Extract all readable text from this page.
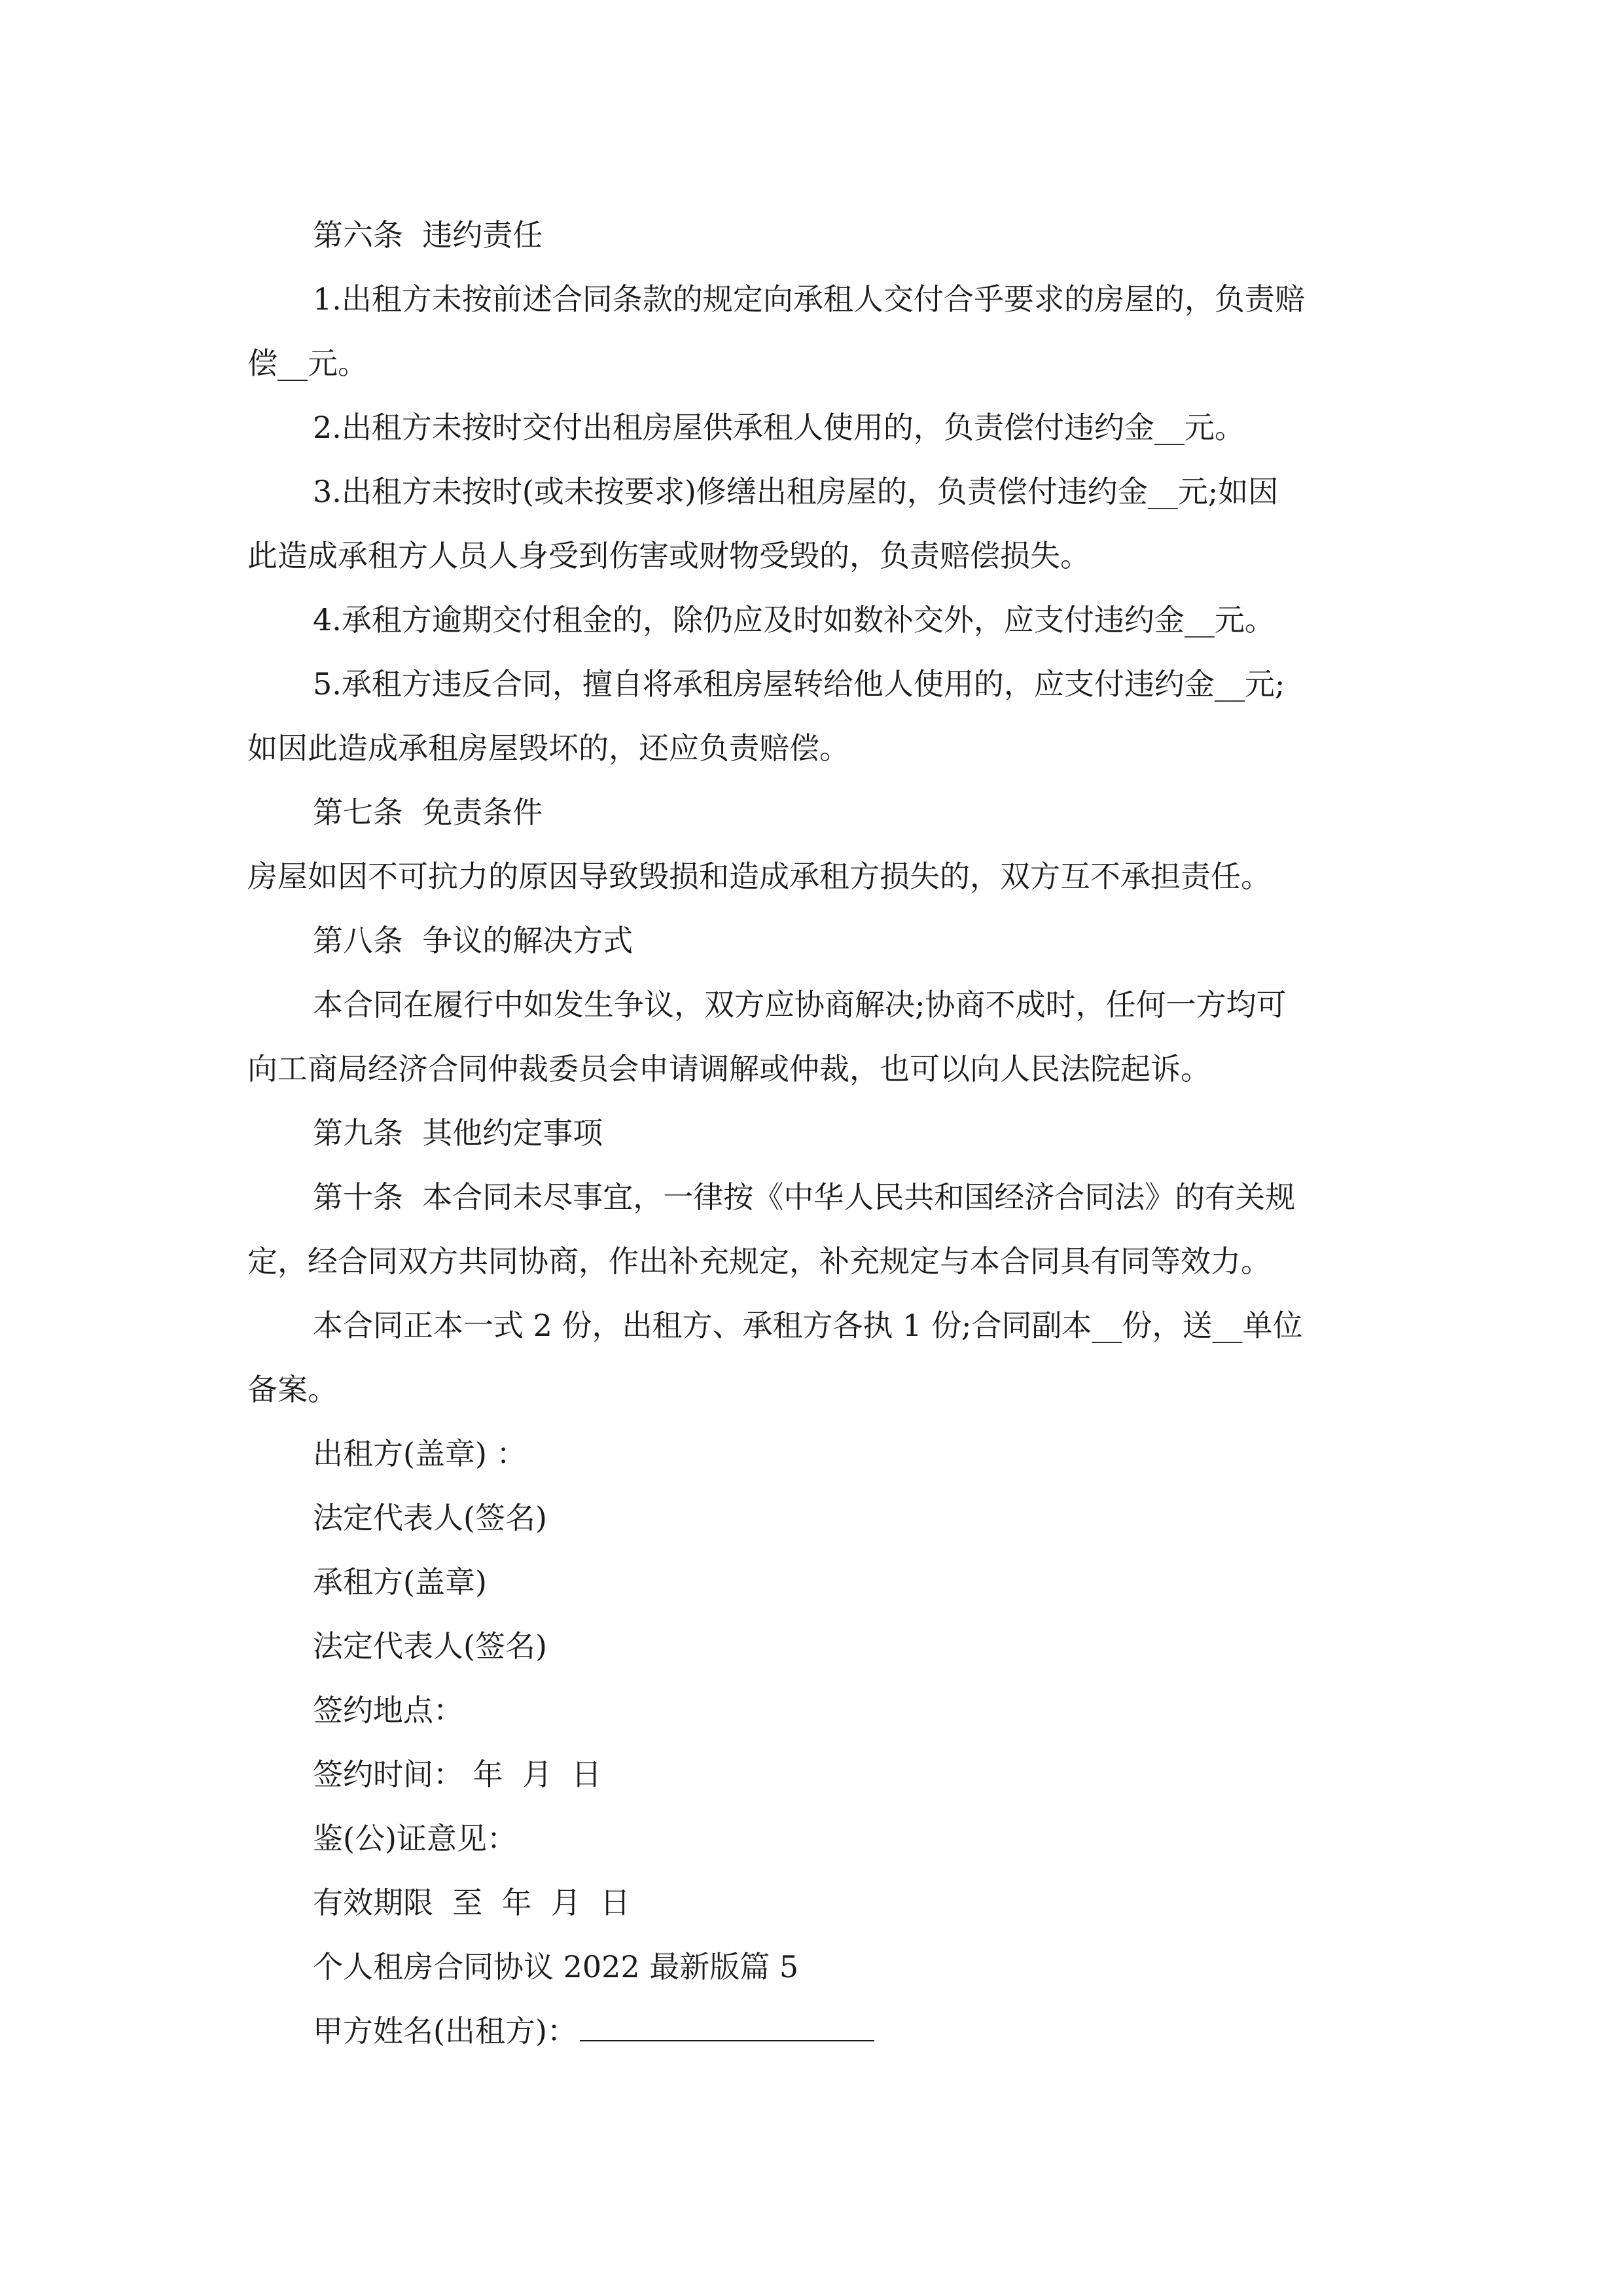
第六条  违约责任
1.出租方未按前述合同条款的规定向承租人交付合乎要求的房屋的，负责赔
偿__元。
2.出租方未按时交付出租房屋供承租人使用的，负责偿付违约金__元。
3.出租方未按时(或未按要求)修缮出租房屋的，负责偿付违约金__元;如因
此造成承租方人员人身受到伤害或财物受毁的，负责赔偿损失。
4.承租方逾期交付租金的，除仍应及时如数补交外，应支付违约金__元。
5.承租方违反合同，擅自将承租房屋转给他人使用的，应支付违约金__元;
如因此造成承租房屋毁坏的，还应负责赔偿。
第七条  免责条件
房屋如因不可抗力的原因导致毁损和造成承租方损失的，双方互不承担责任。
第八条  争议的解决方式
本合同在履行中如发生争议，双方应协商解决;协商不成时，任何一方均可
向工商局经济合同仲裁委员会申请调解或仲裁，也可以向人民法院起诉。
第九条  其他约定事项
第十条  本合同未尽事宜，一律按《中华人民共和国经济合同法》的有关规
定，经合同双方共同协商，作出补充规定，补充规定与本合同具有同等效力。
本合同正本一式 2 份，出租方、承租方各执 1 份;合同副本__份，送__单位
备案。
出租方(盖章) ：
法定代表人(签名)
承租方(盖章)
法定代表人(签名)
签约地点：
签约时间： 年  月  日
鉴(公)证意见：
有效期限  至  年  月  日
个人租房合同协议 2022 最新版篇 5
甲方姓名(出租方)：
